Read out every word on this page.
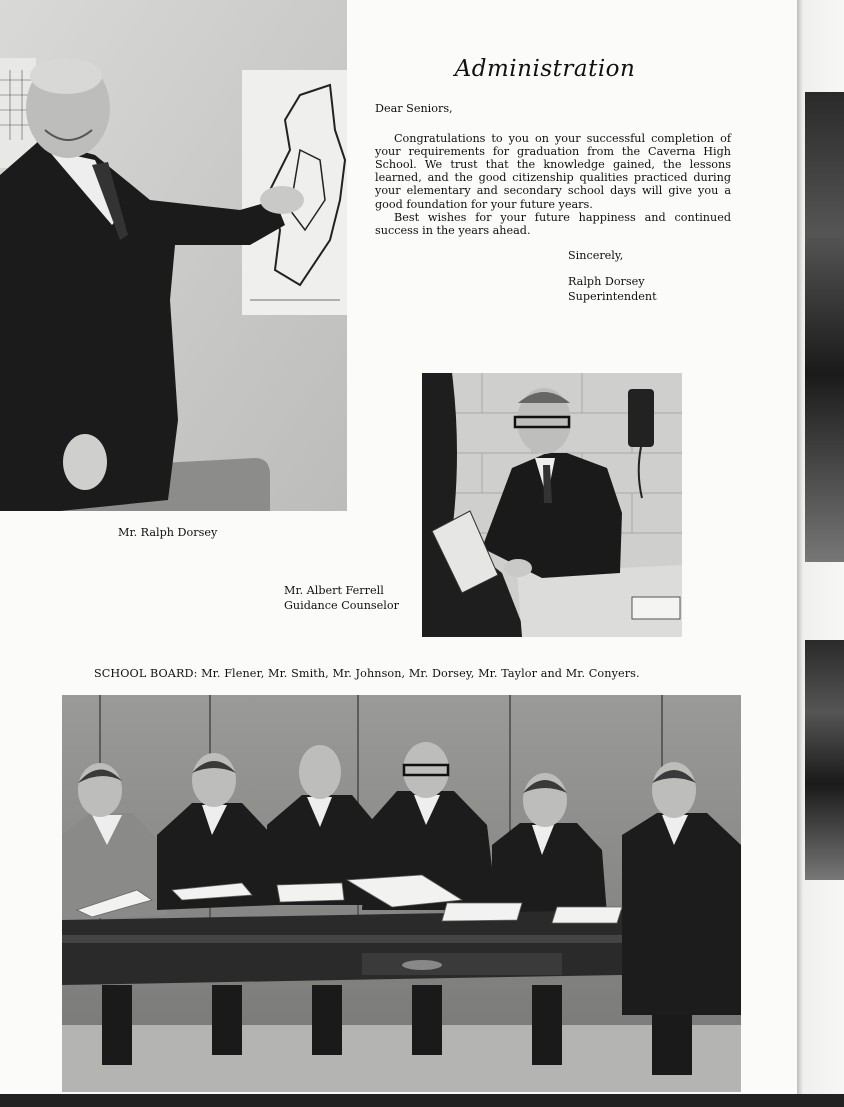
Administration
Dear Seniors,

Congratulations to you on your successful completion of your requirements for graduation from the Caverna High School. We trust that the knowledge gained, the lessons learned, and the good citizenship qualities practiced during your elementary and secondary school days will give you a good foundation for your future years.

Best wishes for your future happiness and continued success in the years ahead.

Sincerely,
Ralph Dorsey
Superintendent
Mr. Ralph Dorsey
Mr. Albert Ferrell
Guidance Counselor
SCHOOL BOARD: Mr. Flener, Mr. Smith, Mr. Johnson, Mr. Dorsey, Mr. Taylor and Mr. Conyers.
